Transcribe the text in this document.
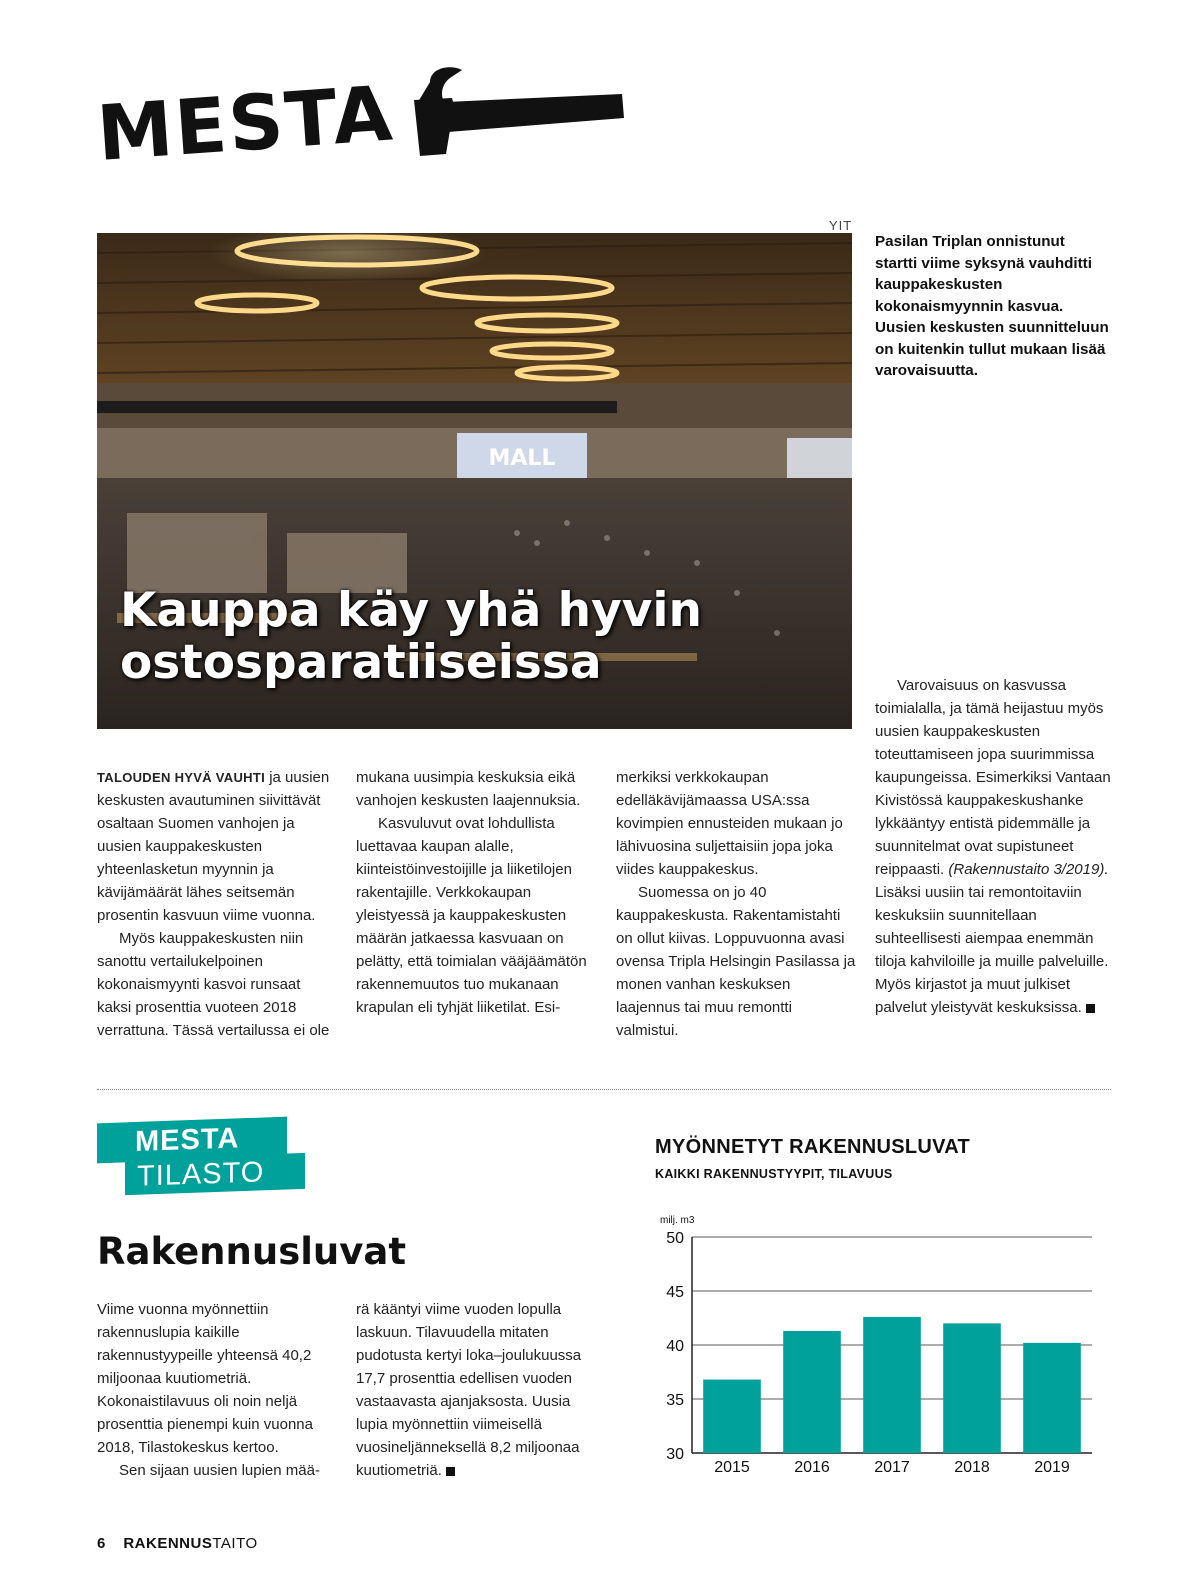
MESTA
YIT
MALL
Kauppa käy yhä hyvin
ostosparatiiseissa
Pasilan Triplan onnistunut startti viime syksynä vauhditti kauppakeskusten kokonaismyynnin kasvua. Uusien keskusten suunnitteluun on kuitenkin tullut mukaan lisää varovaisuutta.

TALOUDEN HYVÄ VAUHTI ja uusien keskusten avautuminen siivittävät osaltaan Suomen vanhojen ja uusien kauppakeskusten yhteenlasketun myynnin ja kävijämäärät lähes seitsemän prosentin kasvuun viime vuonna.

Myös kauppakeskusten niin sanottu vertailukelpoinen kokonaismyynti kasvoi runsaat kaksi prosenttia vuoteen 2018 verrattuna. Tässä vertailussa ei ole

mukana uusimpia keskuksia eikä vanhojen keskusten laajennuksia.

Kasvuluvut ovat lohdullista luettavaa kaupan alalle, kiinteistöinvestoijille ja liiketilojen rakentajille. Verkkokaupan yleistyessä ja kauppakeskusten määrän jatkaessa kasvuaan on pelätty, että toimialan vääjäämätön rakennemuutos tuo mukanaan krapulan eli tyhjät liiketilat. Esi-

merkiksi verkkokaupan edelläkävijämaassa USA:ssa kovimpien ennusteiden mukaan jo lähivuosina suljettaisiin jopa joka viides kauppakeskus.

Suomessa on jo 40 kauppakeskusta. Rakentamistahti on ollut kiivas. Loppuvuonna avasi ovensa Tripla Helsingin Pasilassa ja monen vanhan keskuksen laajennus tai muu remontti valmistui.

Varovaisuus on kasvussa toimialalla, ja tämä heijastuu myös uusien kauppakeskusten toteuttamiseen jopa suurimmissa kaupungeissa. Esimerkiksi Vantaan Kivistössä kauppakeskushanke lykkääntyy entistä pidemmälle ja suunnitelmat ovat supistuneet reippaasti. (Rakennustaito 3/2019).

Lisäksi uusiin tai remontoitaviin keskuksiin suunnitellaan suhteellisesti aiempaa enemmän tiloja kahviloille ja muille palveluille. Myös kirjastot ja muut julkiset palvelut yleistyvät keskuksissa.

MESTA
TILASTO
Rakennusluvat

Viime vuonna myönnettiin rakennuslupia kaikille rakennustyypeille yhteensä 40,2 miljoonaa kuutiometriä. Kokonaistilavuus oli noin neljä prosenttia pienempi kuin vuonna 2018, Tilastokeskus kertoo.

Sen sijaan uusien lupien mää-

rä kääntyi viime vuoden lopulla laskuun. Tilavuudella mitaten pudotusta kertyi loka–joulukuussa 17,7 prosenttia edellisen vuoden vastaavasta ajanjaksosta. Uusia lupia myönnettiin viimeisellä vuosineljänneksellä 8,2 miljoonaa kuutiometriä.

MYÖNNETYT RAKENNUSLUVAT
KAIKKI RAKENNUSTYYPIT, TILAVUUS
milj. m3
30
35
40
45
50
2015	2016	2017	2018	2019
6 RAKENNUSTAITO
